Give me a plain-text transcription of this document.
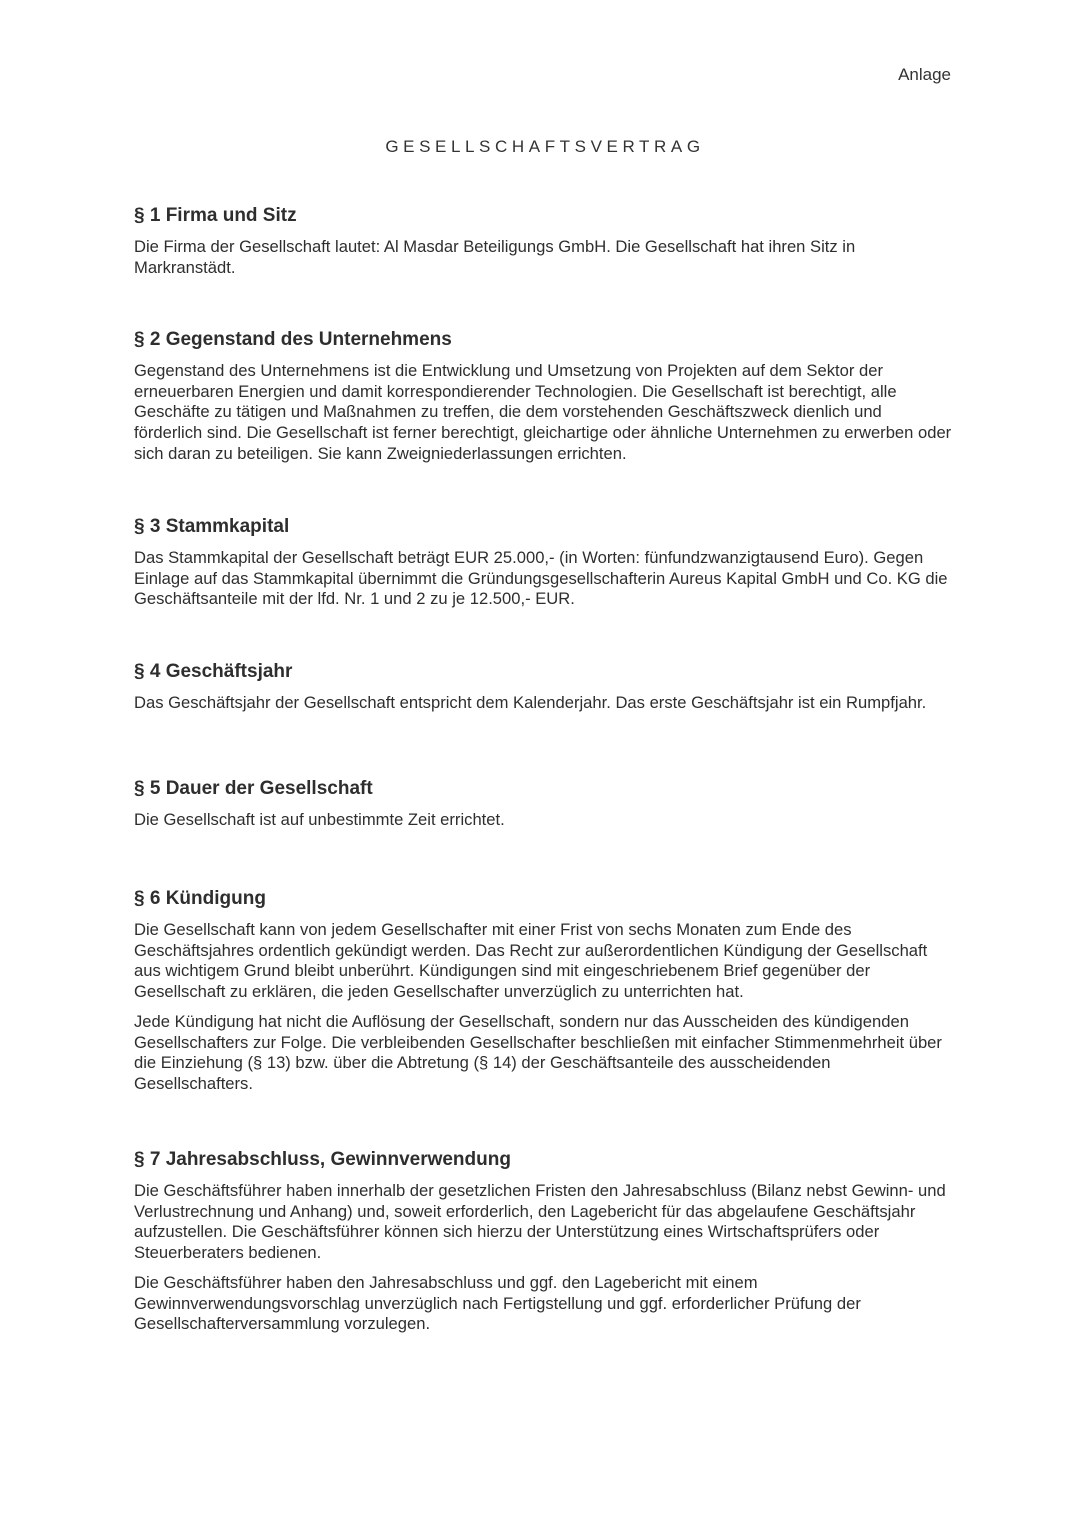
Anlage
GESELLSCHAFTSVERTRAG
§ 1 Firma und Sitz

Die Firma der Gesellschaft lautet: Al Masdar Beteiligungs GmbH. Die Gesellschaft hat ihren Sitz in Markranstädt.

§ 2 Gegenstand des Unternehmens

Gegenstand des Unternehmens ist die Entwicklung und Umsetzung von Projekten auf dem Sektor der erneuerbaren Energien und damit korrespondierender Technologien. Die Gesellschaft ist berechtigt, alle Geschäfte zu tätigen und Maßnahmen zu treffen, die dem vorstehenden Geschäftszweck dienlich und förderlich sind. Die Gesellschaft ist ferner berechtigt, gleichartige oder ähnliche Unternehmen zu erwerben oder sich daran zu beteiligen. Sie kann Zweigniederlassungen errichten.

§ 3 Stammkapital

Das Stammkapital der Gesellschaft beträgt EUR 25.000,- (in Worten: fünfundzwanzigtausend Euro). Gegen Einlage auf das Stammkapital übernimmt die Gründungsgesellschafterin Aureus Kapital GmbH und Co. KG die Geschäftsanteile mit der lfd. Nr. 1 und 2 zu je 12.500,- EUR.

§ 4 Geschäftsjahr

Das Geschäftsjahr der Gesellschaft entspricht dem Kalenderjahr. Das erste Geschäftsjahr ist ein Rumpfjahr.

§ 5 Dauer der Gesellschaft

Die Gesellschaft ist auf unbestimmte Zeit errichtet.

§ 6 Kündigung

Die Gesellschaft kann von jedem Gesellschafter mit einer Frist von sechs Monaten zum Ende des Geschäftsjahres ordentlich gekündigt werden. Das Recht zur außerordentlichen Kündigung der Gesellschaft aus wichtigem Grund bleibt unberührt. Kündigungen sind mit eingeschriebenem Brief gegenüber der Gesellschaft zu erklären, die jeden Gesellschafter unverzüglich zu unterrichten hat.

Jede Kündigung hat nicht die Auflösung der Gesellschaft, sondern nur das Ausscheiden des kündigenden Gesellschafters zur Folge. Die verbleibenden Gesellschafter beschließen mit einfacher Stimmenmehrheit über die Einziehung (§ 13) bzw. über die Abtretung (§ 14) der Geschäftsanteile des ausscheidenden Gesellschafters.

§ 7 Jahresabschluss, Gewinnverwendung

Die Geschäftsführer haben innerhalb der gesetzlichen Fristen den Jahresabschluss (Bilanz nebst Gewinn- und Verlustrechnung und Anhang) und, soweit erforderlich, den Lagebericht für das abgelaufene Geschäftsjahr aufzustellen. Die Geschäftsführer können sich hierzu der Unterstützung eines Wirtschaftsprüfers oder Steuerberaters bedienen.

Die Geschäftsführer haben den Jahresabschluss und ggf. den Lagebericht mit einem Gewinnverwendungsvorschlag unverzüglich nach Fertigstellung und ggf. erforderlicher Prüfung der Gesellschafterversammlung vorzulegen.
